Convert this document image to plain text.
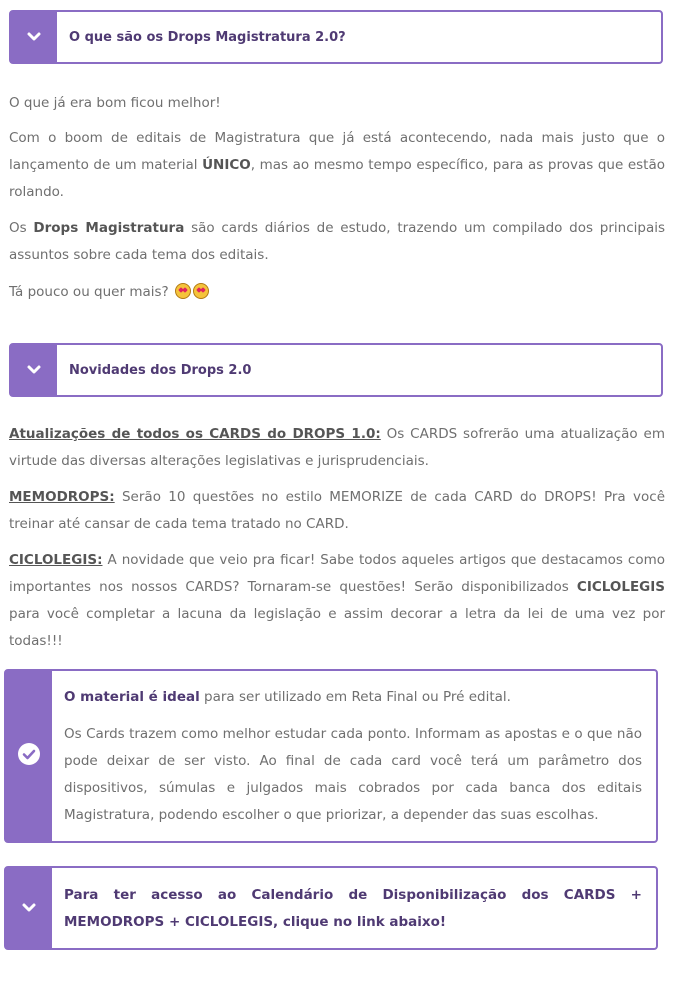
O que são os Drops Magistratura 2.0?
O que já era bom ficou melhor!
Com o boom de editais de Magistratura que já está acontecendo, nada mais justo que o lançamento de um material ÚNICO, mas ao mesmo tempo específico, para as provas que estão rolando.
Os Drops Magistratura são cards diários de estudo, trazendo um compilado dos principais assuntos sobre cada tema dos editais.
Tá pouco ou quer mais?
Novidades dos Drops 2.0
Atualizações de todos os CARDS do DROPS 1.0: Os CARDS sofrerão uma atualização em virtude das diversas alterações legislativas e jurisprudenciais.
MEMODROPS: Serão 10 questões no estilo MEMORIZE de cada CARD do DROPS! Pra você treinar até cansar de cada tema tratado no CARD.
CICLOLEGIS: A novidade que veio pra ficar! Sabe todos aqueles artigos que destacamos como importantes nos nossos CARDS? Tornaram-se questões! Serão disponibilizados CICLOLEGIS para você completar a lacuna da legislação e assim decorar a letra da lei de uma vez por todas!!!
O material é ideal para ser utilizado em Reta Final ou Pré edital.
Os Cards trazem como melhor estudar cada ponto. Informam as apostas e o que não pode deixar de ser visto. Ao final de cada card você terá um parâmetro dos dispositivos, súmulas e julgados mais cobrados por cada banca dos editais Magistratura, podendo escolher o que priorizar, a depender das suas escolhas.
Para ter acesso ao Calendário de Disponibilização dos CARDS + MEMODROPS + CICLOLEGIS, clique no link abaixo!
